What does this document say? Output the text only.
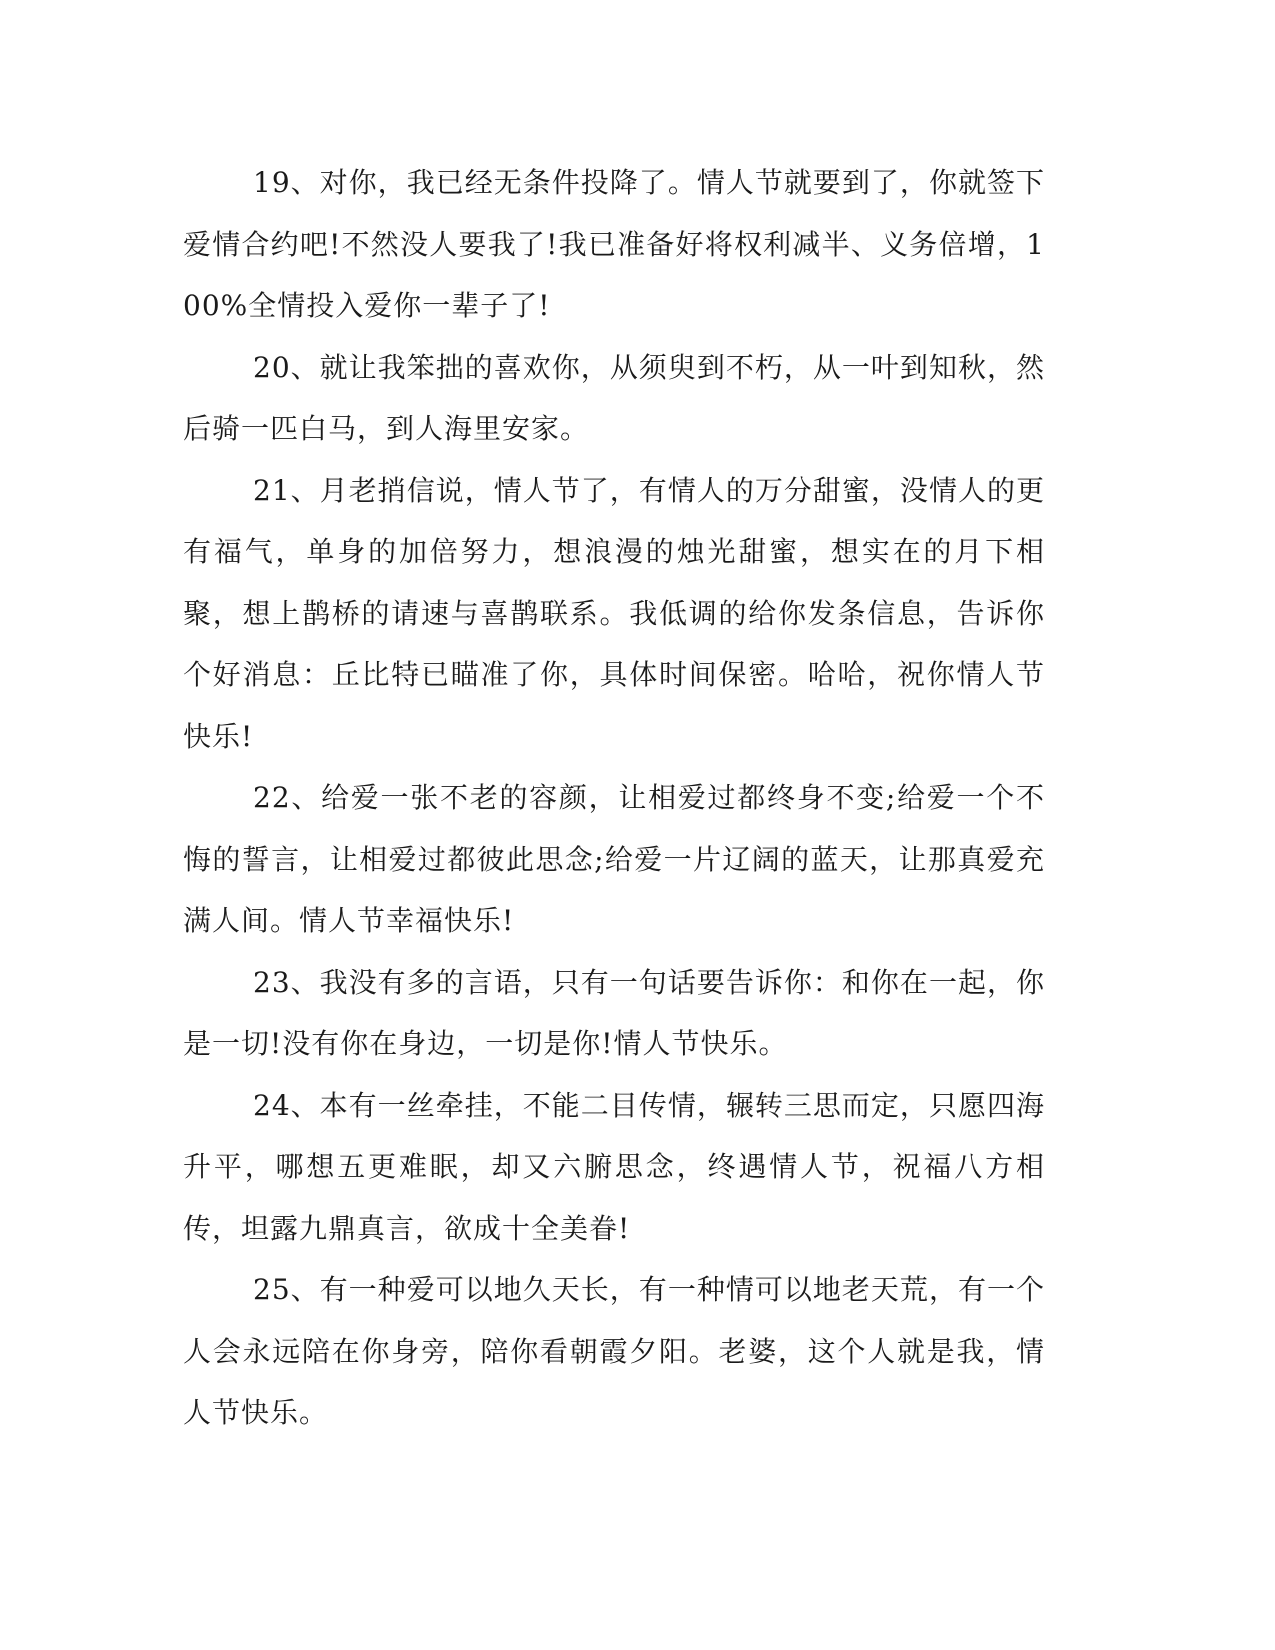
19、对你，我已经无条件投降了。情人节就要到了，你就签下爱情合约吧!不然没人要我了!我已准备好将权利减半、义务倍增，100%全情投入爱你一辈子了!

20、就让我笨拙的喜欢你，从须臾到不朽，从一叶到知秋，然后骑一匹白马，到人海里安家。

21、月老捎信说，情人节了，有情人的万分甜蜜，没情人的更有福气，单身的加倍努力，想浪漫的烛光甜蜜，想实在的月下相聚，想上鹊桥的请速与喜鹊联系。我低调的给你发条信息，告诉你个好消息：丘比特已瞄准了你，具体时间保密。哈哈，祝你情人节快乐!

22、给爱一张不老的容颜，让相爱过都终身不变;给爱一个不悔的誓言，让相爱过都彼此思念;给爱一片辽阔的蓝天，让那真爱充满人间。情人节幸福快乐!

23、我没有多的言语，只有一句话要告诉你：和你在一起，你是一切!没有你在身边，一切是你!情人节快乐。

24、本有一丝牵挂，不能二目传情，辗转三思而定，只愿四海升平，哪想五更难眠，却又六腑思念，终遇情人节，祝福八方相传，坦露九鼎真言，欲成十全美眷!

25、有一种爱可以地久天长，有一种情可以地老天荒，有一个人会永远陪在你身旁，陪你看朝霞夕阳。老婆，这个人就是我，情人节快乐。
